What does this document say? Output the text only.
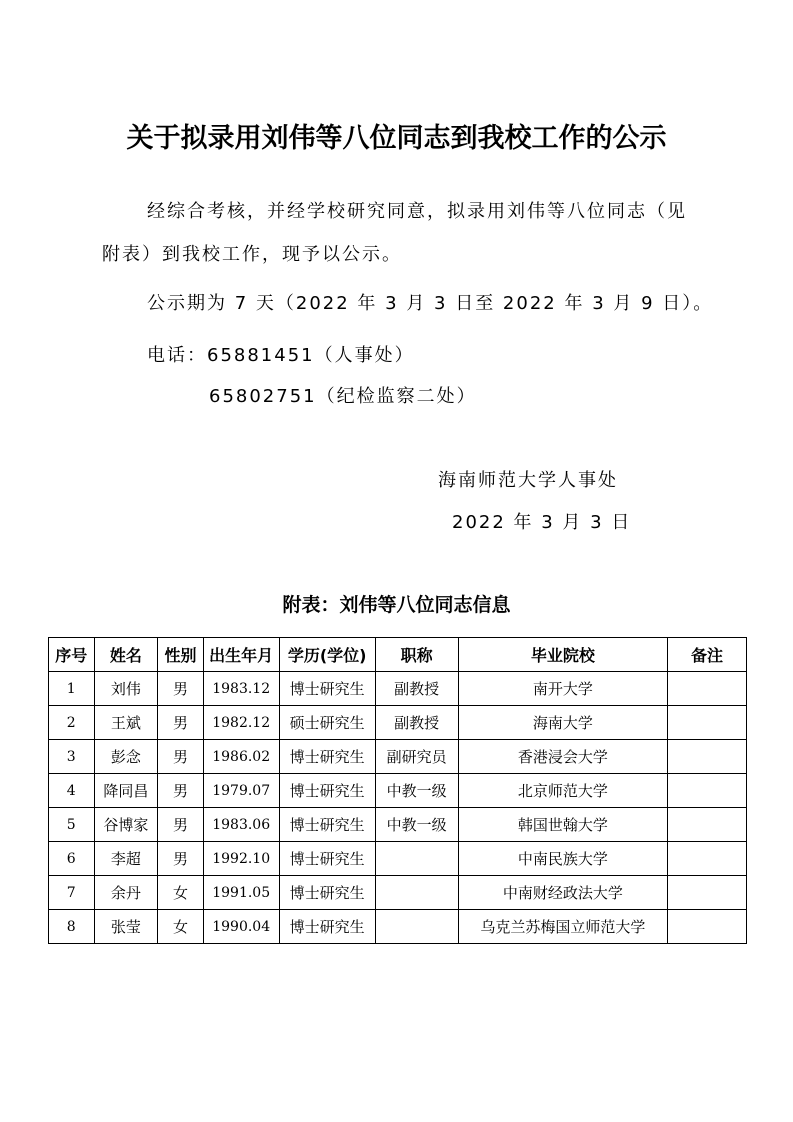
关于拟录用刘伟等八位同志到我校工作的公示

经综合考核，并经学校研究同意，拟录用刘伟等八位同志（见

附表）到我校工作，现予以公示。

公示期为 7 天（2022 年 3 月 3 日至 2022 年 3 月 9 日）。

电话：65881451（人事处）

65802751（纪检监察二处）

海南师范大学人事处

2022 年 3 月 3 日

附表：刘伟等八位同志信息
序号	姓名	性别	出生年月	学历(学位)	职称	毕业院校	备注
1	刘伟	男	1983.12	博士研究生	副教授	南开大学	
2	王斌	男	1982.12	硕士研究生	副教授	海南大学	
3	彭念	男	1986.02	博士研究生	副研究员	香港浸会大学	
4	降同昌	男	1979.07	博士研究生	中教一级	北京师范大学	
5	谷博家	男	1983.06	博士研究生	中教一级	韩国世翰大学	
6	李超	男	1992.10	博士研究生		中南民族大学	
7	余丹	女	1991.05	博士研究生		中南财经政法大学	
8	张莹	女	1990.04	博士研究生		乌克兰苏梅国立师范大学	
